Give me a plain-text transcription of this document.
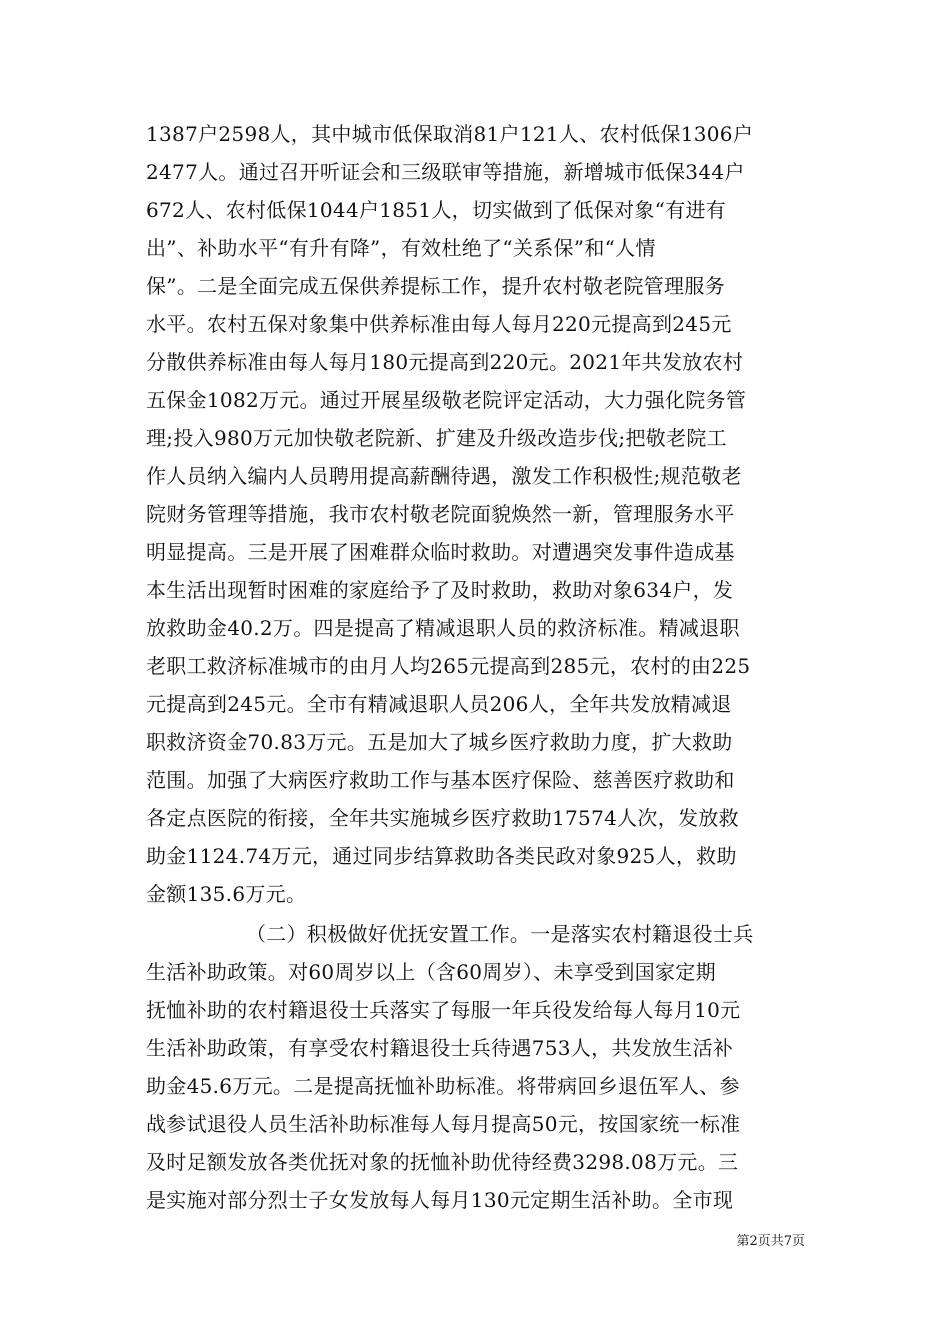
1387户2598人，其中城市低保取消81户121人、农村低保1306户
2477人。通过召开听证会和三级联审等措施，新增城市低保344户
672人、农村低保1044户1851人，切实做到了低保对象“有进有
出”、补助水平“有升有降”，有效杜绝了“关系保”和“人情
保”。二是全面完成五保供养提标工作，提升农村敬老院管理服务
水平。农村五保对象集中供养标准由每人每月220元提高到245元
分散供养标准由每人每月180元提高到220元。2021年共发放农村
五保金1082万元。通过开展星级敬老院评定活动，大力强化院务管
理;投入980万元加快敬老院新、扩建及升级改造步伐;把敬老院工
作人员纳入编内人员聘用提高薪酬待遇，激发工作积极性;规范敬老
院财务管理等措施，我市农村敬老院面貌焕然一新，管理服务水平
明显提高。三是开展了困难群众临时救助。对遭遇突发事件造成基
本生活出现暂时困难的家庭给予了及时救助，救助对象634户，发
放救助金40.2万。四是提高了精减退职人员的救济标准。精减退职
老职工救济标准城市的由月人均265元提高到285元，农村的由225
元提高到245元。全市有精减退职人员206人，全年共发放精减退
职救济资金70.83万元。五是加大了城乡医疗救助力度，扩大救助
范围。加强了大病医疗救助工作与基本医疗保险、慈善医疗救助和
各定点医院的衔接，全年共实施城乡医疗救助17574人次，发放救
助金1124.74万元，通过同步结算救助各类民政对象925人，救助
金额135.6万元。
（二）积极做好优抚安置工作。一是落实农村籍退役士兵
生活补助政策。对60周岁以上（含60周岁）、未享受到国家定期
抚恤补助的农村籍退役士兵落实了每服一年兵役发给每人每月10元
生活补助政策，有享受农村籍退役士兵待遇753人，共发放生活补
助金45.6万元。二是提高抚恤补助标准。将带病回乡退伍军人、参
战参试退役人员生活补助标准每人每月提高50元，按国家统一标准
及时足额发放各类优抚对象的抚恤补助优待经费3298.08万元。三
是实施对部分烈士子女发放每人每月130元定期生活补助。全市现
第2页共7页
